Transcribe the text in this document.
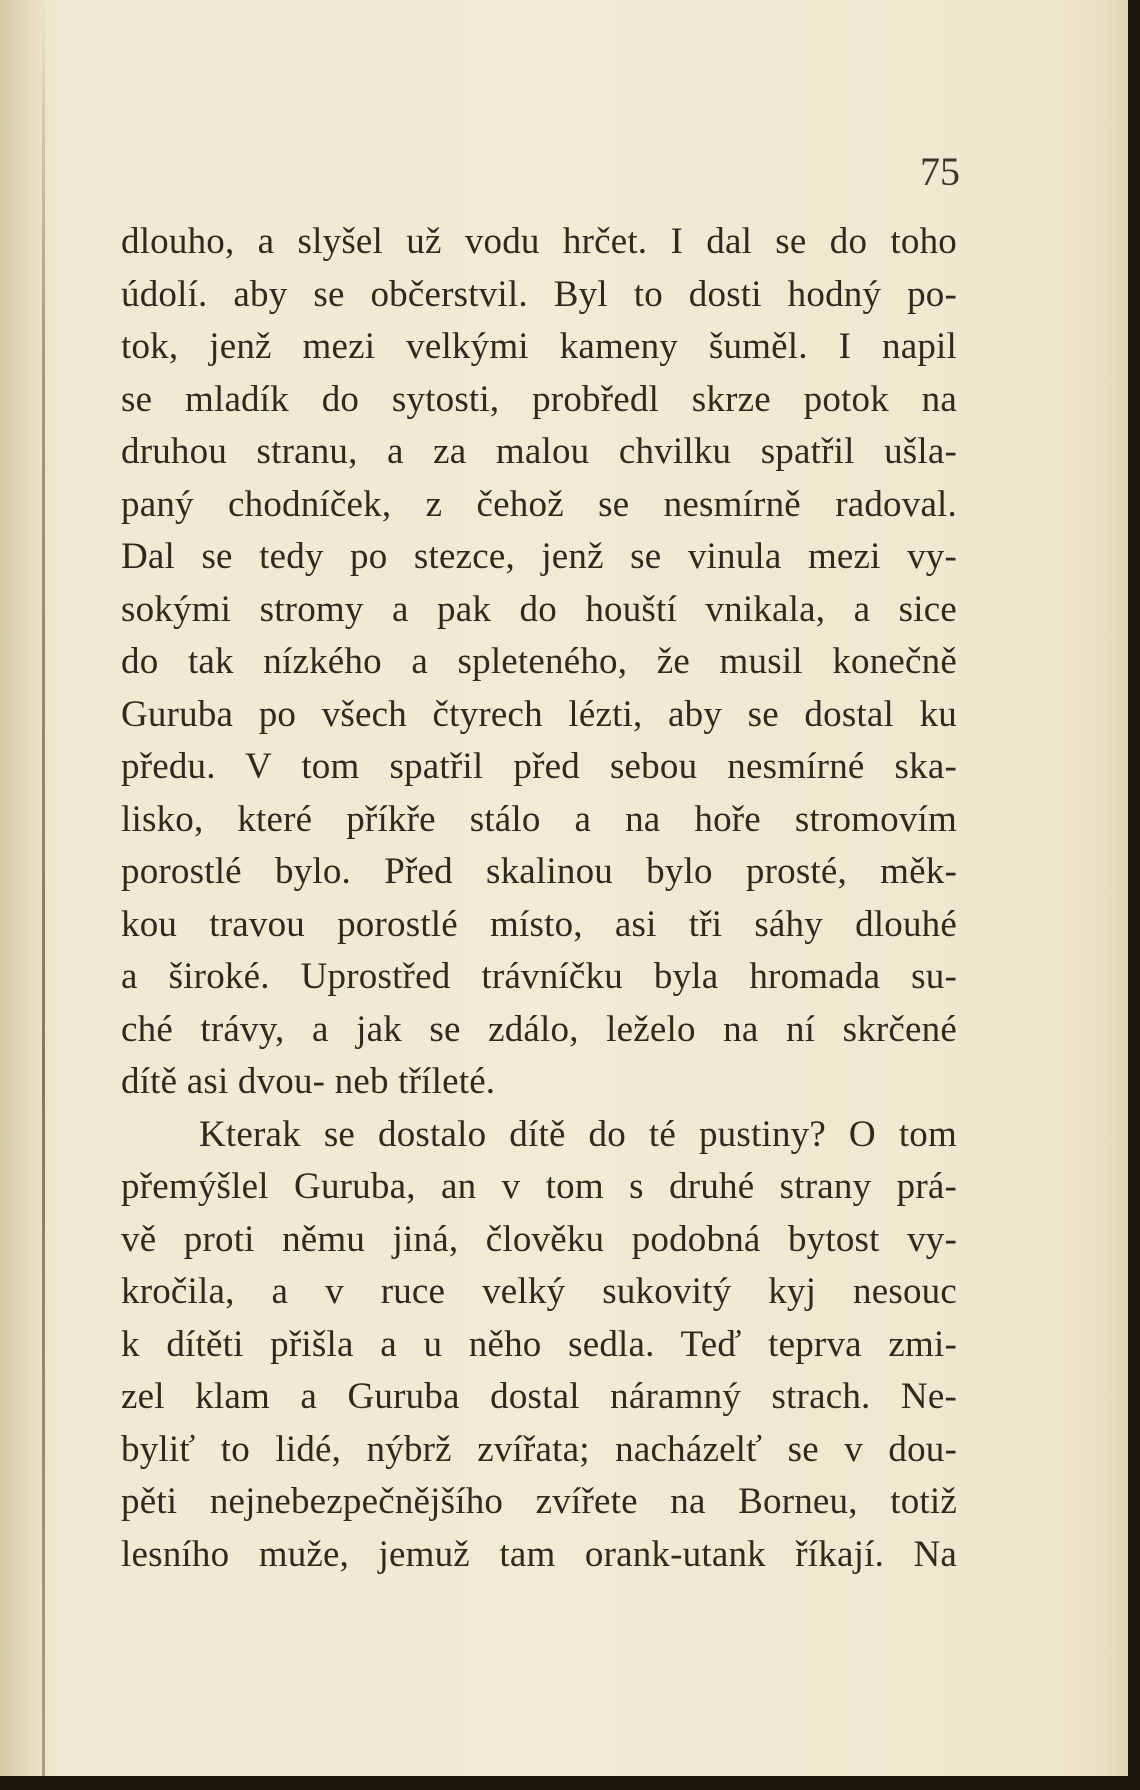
75
dlouho, a slyšel už vodu hrčet. I dal se do toho
údolí. aby se občerstvil. Byl to dosti hodný po-
tok, jenž mezi velkými kameny šuměl. I napil
se mladík do sytosti, probředl skrze potok na
druhou stranu, a za malou chvilku spatřil ušla-
paný chodníček, z čehož se nesmírně radoval.
Dal se tedy po stezce, jenž se vinula mezi vy-
sokými stromy a pak do houští vnikala, a sice
do tak nízkého a spleteného, že musil konečně
Guruba po všech čtyrech lézti, aby se dostal ku
předu. V tom spatřil před sebou nesmírné ska-
lisko, které příkře stálo a na hoře stromovím
porostlé bylo. Před skalinou bylo prosté, měk-
kou travou porostlé místo, asi tři sáhy dlouhé
a široké. Uprostřed trávníčku byla hromada su-
ché trávy, a jak se zdálo, leželo na ní skrčené
dítě asi dvou- neb tříleté.
Kterak se dostalo dítě do té pustiny? O tom
přemýšlel Guruba, an v tom s druhé strany prá-
vě proti němu jiná, člověku podobná bytost vy-
kročila, a v ruce velký sukovitý kyj nesouc
k dítěti přišla a u něho sedla. Teď teprva zmi-
zel klam a Guruba dostal náramný strach. Ne-
byliť to lidé, nýbrž zvířata; nacházelť se v dou-
pěti nejnebezpečnějšího zvířete na Borneu, totiž
lesního muže, jemuž tam orank-utank říkají. Na
